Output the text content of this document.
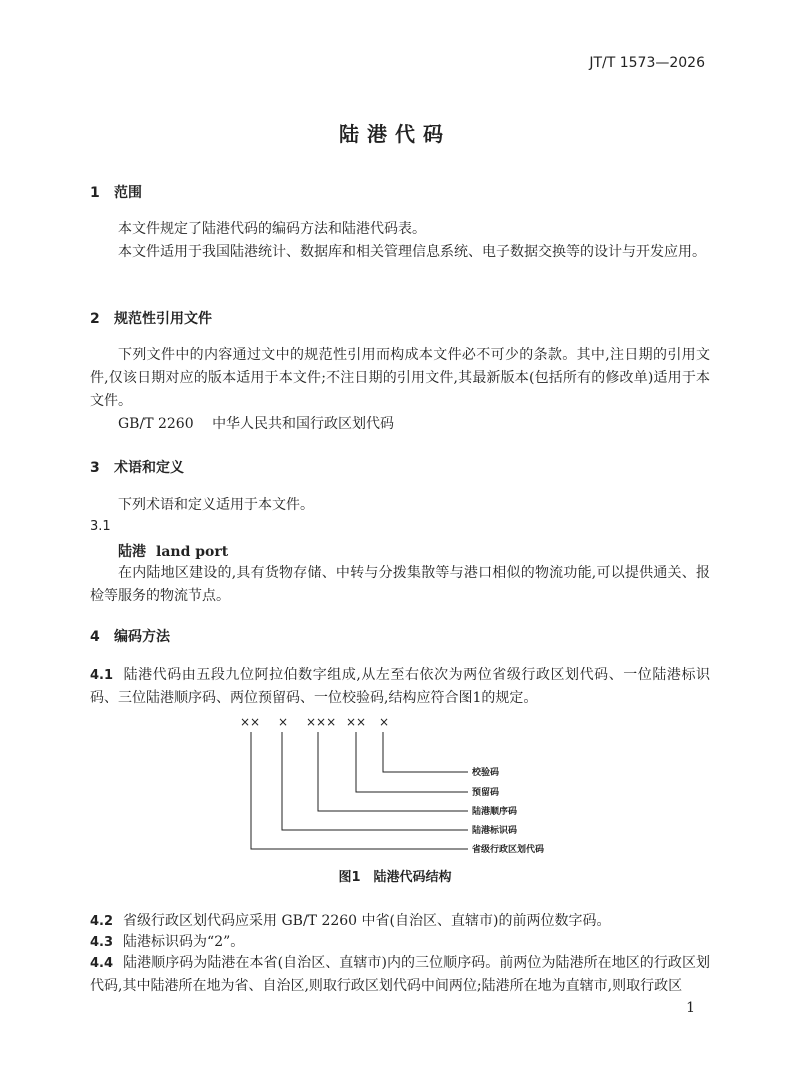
JT/T 1573—2026
陆港代码
1 范围
本文件规定了陆港代码的编码方法和陆港代码表。
本文件适用于我国陆港统计、数据库和相关管理信息系统、电子数据交换等的设计与开发应用。
2 规范性引用文件
下列文件中的内容通过文中的规范性引用而构成本文件必不可少的条款。其中,注日期的引用文件,仅该日期对应的版本适用于本文件;不注日期的引用文件,其最新版本(包括所有的修改单)适用于本文件。
GB/T 2260 中华人民共和国行政区划代码
3 术语和定义
下列术语和定义适用于本文件。
3.1
陆港 land port
在内陆地区建设的,具有货物存储、中转与分拨集散等与港口相似的物流功能,可以提供通关、报检等服务的物流节点。
4 编码方法
4.1 陆港代码由五段九位阿拉伯数字组成,从左至右依次为两位省级行政区划代码、一位陆港标识码、三位陆港顺序码、两位预留码、一位校验码,结构应符合图1的规定。
×× × ××× ×× ×
校验码
预留码
陆港顺序码
陆港标识码
省级行政区划代码
图1　陆港代码结构
4.2 省级行政区划代码应采用 GB/T 2260 中省(自治区、直辖市)的前两位数字码。
4.3 陆港标识码为“2”。
4.4 陆港顺序码为陆港在本省(自治区、直辖市)内的三位顺序码。前两位为陆港所在地区的行政区划代码,其中陆港所在地为省、自治区,则取行政区划代码中间两位;陆港所在地为直辖市,则取行政区
1
